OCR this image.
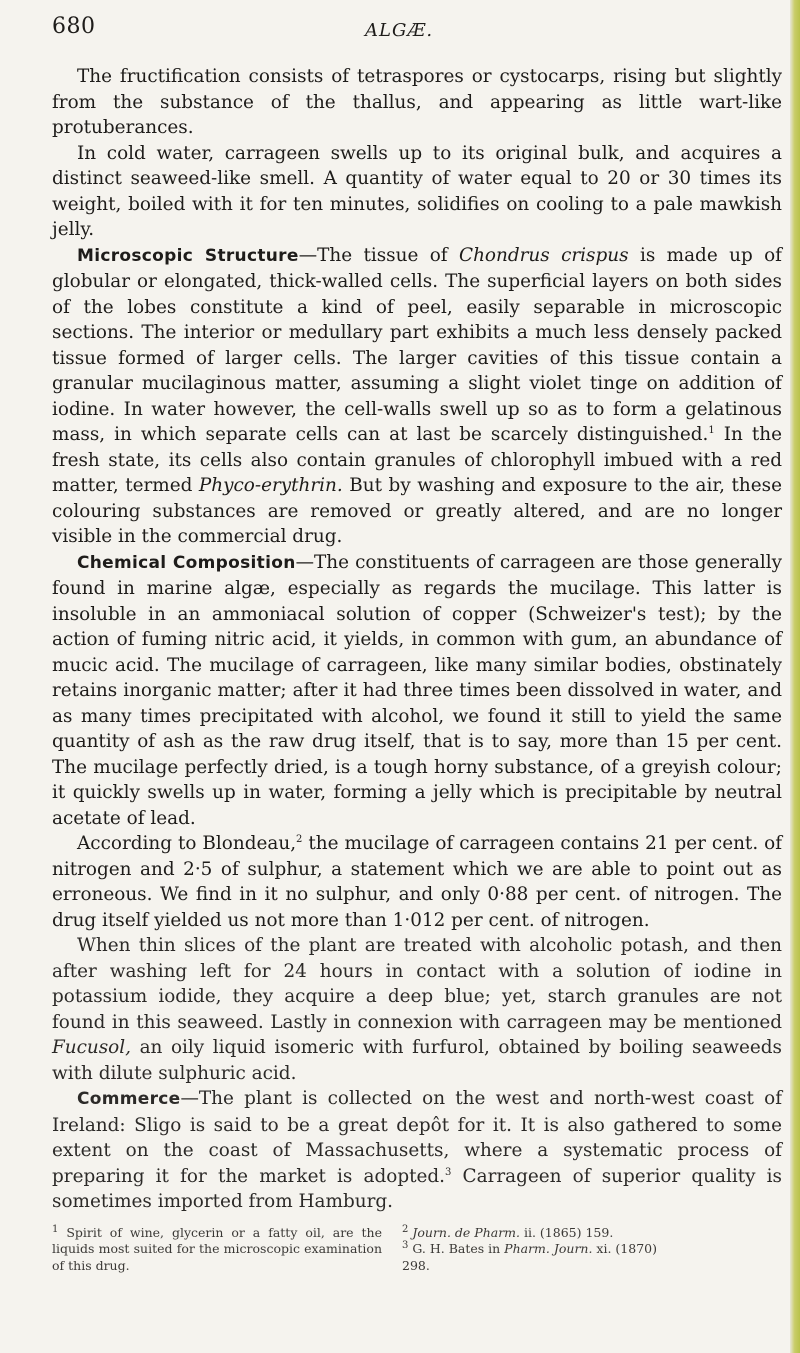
680	ALGÆ.

The fructification consists of tetraspores or cystocarps, rising but slightly from the substance of the thallus, and appearing as little wart-like protuberances.

In cold water, carrageen swells up to its original bulk, and acquires a distinct seaweed-like smell. A quantity of water equal to 20 or 30 times its weight, boiled with it for ten minutes, solidifies on cooling to a pale mawkish jelly.

Microscopic Structure—The tissue of Chondrus crispus is made up of globular or elongated, thick-walled cells. The superficial layers on both sides of the lobes constitute a kind of peel, easily separable in microscopic sections. The interior or medullary part exhibits a much less densely packed tissue formed of larger cells. The larger cavities of this tissue contain a granular mucilaginous matter, assuming a slight violet tinge on addition of iodine. In water however, the cell-walls swell up so as to form a gelatinous mass, in which separate cells can at last be scarcely distinguished.$^1$ In the fresh state, its cells also contain granules of chlorophyll imbued with a red matter, termed Phyco-erythrin. But by washing and exposure to the air, these colouring substances are removed or greatly altered, and are no longer visible in the commercial drug.

Chemical Composition—The constituents of carrageen are those generally found in marine algæ, especially as regards the mucilage. This latter is insoluble in an ammoniacal solution of copper (Schweizer's test); by the action of fuming nitric acid, it yields, in common with gum, an abundance of mucic acid. The mucilage of carrageen, like many similar bodies, obstinately retains inorganic matter; after it had three times been dissolved in water, and as many times precipitated with alcohol, we found it still to yield the same quantity of ash as the raw drug itself, that is to say, more than 15 per cent. The mucilage perfectly dried, is a tough horny substance, of a greyish colour; it quickly swells up in water, forming a jelly which is precipitable by neutral acetate of lead.

According to Blondeau,$^2$ the mucilage of carrageen contains 21 per cent. of nitrogen and 2·5 of sulphur, a statement which we are able to point out as erroneous. We find in it no sulphur, and only 0·88 per cent. of nitrogen. The drug itself yielded us not more than 1·012 per cent. of nitrogen.

When thin slices of the plant are treated with alcoholic potash, and then after washing left for 24 hours in contact with a solution of iodine in potassium iodide, they acquire a deep blue; yet, starch granules are not found in this seaweed. Lastly in connexion with carrageen may be mentioned Fucusol, an oily liquid isomeric with furfurol, obtained by boiling seaweeds with dilute sulphuric acid.

Commerce—The plant is collected on the west and north-west coast of Ireland: Sligo is said to be a great depôt for it. It is also gathered to some extent on the coast of Massachusetts, where a systematic process of preparing it for the market is adopted.$^3$ Carrageen of superior quality is sometimes imported from Hamburg.

$^1$ Spirit of wine, glycerin or a fatty oil, are the liquids most suited for the microscopic examination of this drug.
$^2$ Journ. de Pharm. ii. (1865) 159.
$^3$ G. H. Bates in Pharm. Journ. xi. (1870)
298.
